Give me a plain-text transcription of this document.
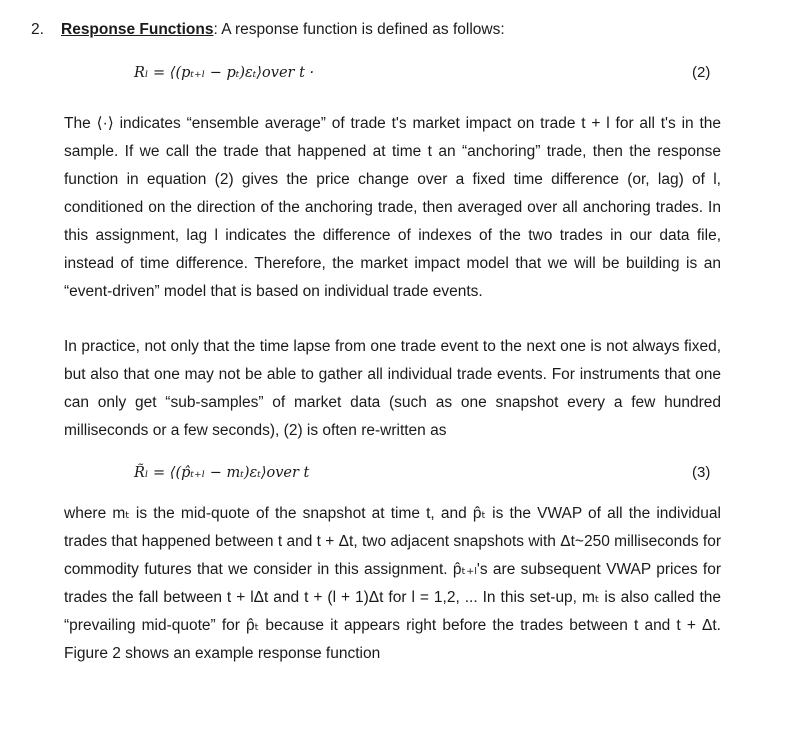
2. Response Functions: A response function is defined as follows:
Rₗ = ⟨(pₜ₊ₗ − pₜ)εₜ⟩over t ·	(2)

The ⟨·⟩ indicates “ensemble average” of trade t's market impact on trade t + l for all t's in the sample. If we call the trade that happened at time t an “anchoring” trade, then the response function in equation (2) gives the price change over a fixed time difference (or, lag) of l, conditioned on the direction of the anchoring trade, then averaged over all anchoring trades. In this assignment, lag l indicates the difference of indexes of the two trades in our data file, instead of time difference. Therefore, the market impact model that we will be building is an “event-driven” model that is based on individual trade events.

In practice, not only that the time lapse from one trade event to the next one is not always fixed, but also that one may not be able to gather all individual trade events. For instruments that one can only get “sub-samples” of market data (such as one snapshot every a few hundred milliseconds or a few seconds), (2) is often re-written as

R̃ₗ = ⟨(p̂ₜ₊ₗ − mₜ)εₜ⟩over t	(3)

where mₜ is the mid-quote of the snapshot at time t, and p̂ₜ is the VWAP of all the individual trades that happened between t and t + Δt, two adjacent snapshots with Δt~250 milliseconds for commodity futures that we consider in this assignment. p̂ₜ₊ₗ's are subsequent VWAP prices for trades the fall between t + lΔt and t + (l + 1)Δt for l = 1,2, ... In this set-up, mₜ is also called the “prevailing mid-quote” for p̂ₜ because it appears right before the trades between t and t + Δt. Figure 2 shows an example response function
